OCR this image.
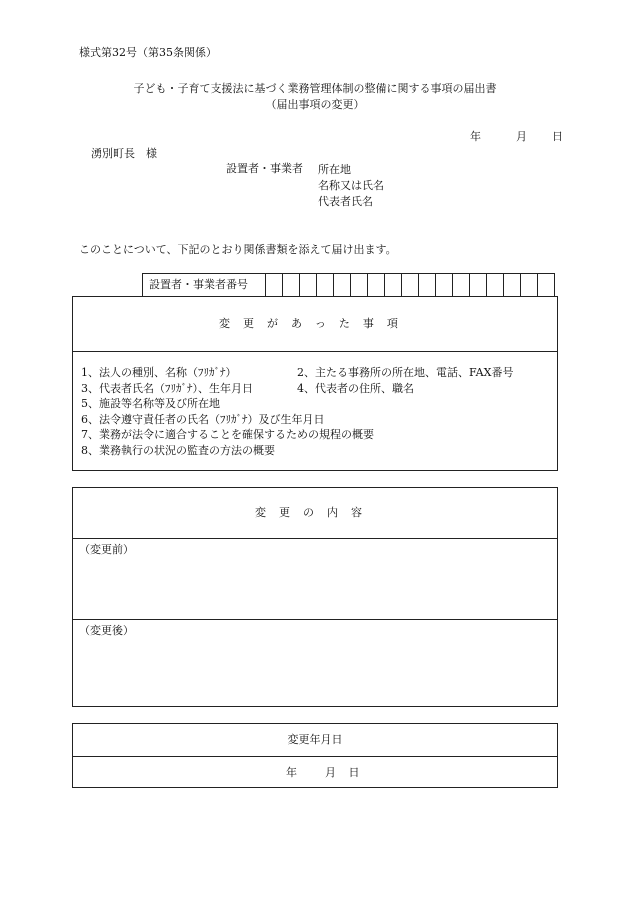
様式第32号（第35条関係）
子ども・子育て支援法に基づく業務管理体制の整備に関する事項の届出書
（届出事項の変更）
年	月 日
湧別町長　様
設置者・事業者 所在地
名称又は氏名
代表者氏名
このことについて、下記のとおり関係書類を添えて届け出ます。
設置者・事業者番号																	
変更があった事項
1、法人の種別、名称（ﾌﾘｶﾞﾅ）	2、主たる事務所の所在地、電話、FAX番号
3、代表者氏名（ﾌﾘｶﾞﾅ）、生年月日	4、代表者の住所、職名
5、施設等名称等及び所在地
6、法令遵守責任者の氏名（ﾌﾘｶﾞﾅ）及び生年月日
7、業務が法令に適合することを確保するための規程の概要
8、業務執行の状況の監査の方法の概要
変更の内容
（変更前）
（変更後）
変更年月日
年	月 日
